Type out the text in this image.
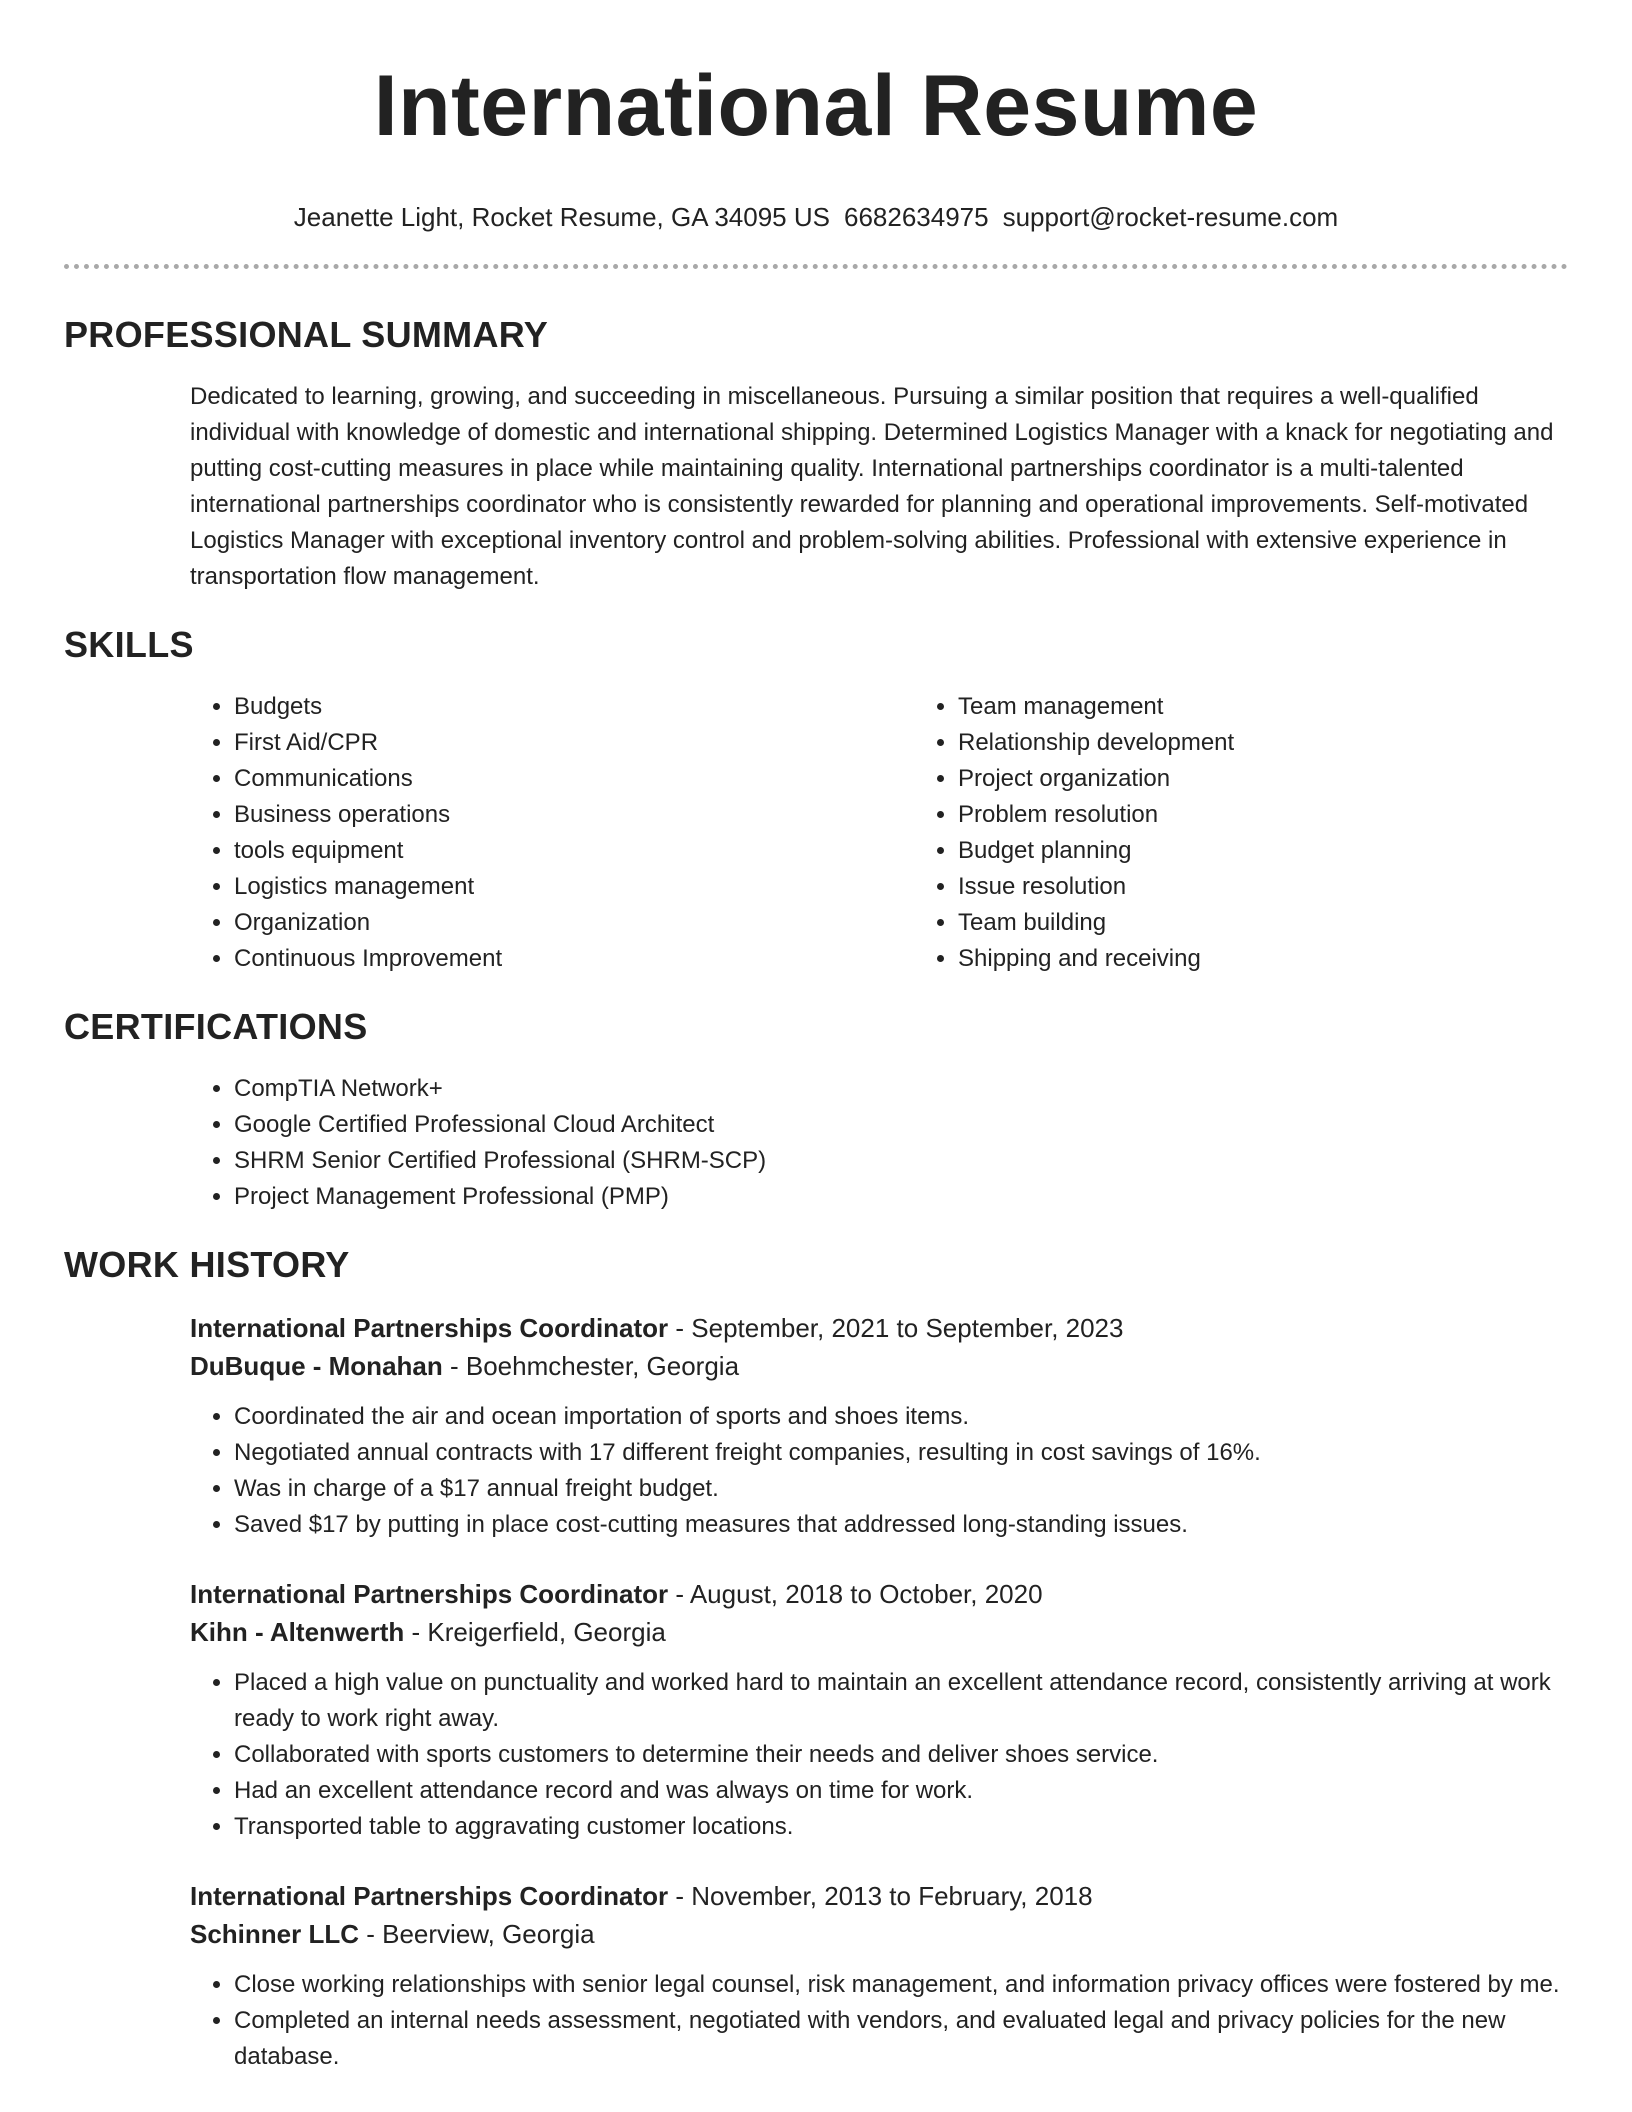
International Resume
Jeanette Light, Rocket Resume, GA 34095 US 6682634975 support@rocket-resume.com
PROFESSIONAL SUMMARY

Dedicated to learning, growing, and succeeding in miscellaneous. Pursuing a similar position that requires a well-qualified individual with knowledge of domestic and international shipping. Determined Logistics Manager with a knack for negotiating and putting cost-cutting measures in place while maintaining quality. International partnerships coordinator is a multi-talented international partnerships coordinator who is consistently rewarded for planning and operational improvements. Self-motivated Logistics Manager with exceptional inventory control and problem-solving abilities. Professional with extensive experience in transportation flow management.

SKILLS
• Budgets
• First Aid/CPR
• Communications
• Business operations
• tools equipment
• Logistics management
• Organization
• Continuous Improvement
• Team management
• Relationship development
• Project organization
• Problem resolution
• Budget planning
• Issue resolution
• Team building
• Shipping and receiving
CERTIFICATIONS
• CompTIA Network+
• Google Certified Professional Cloud Architect
• SHRM Senior Certified Professional (SHRM-SCP)
• Project Management Professional (PMP)
WORK HISTORY
International Partnerships Coordinator - September, 2021 to September, 2023
DuBuque - Monahan - Boehmchester, Georgia
• Coordinated the air and ocean importation of sports and shoes items.
• Negotiated annual contracts with 17 different freight companies, resulting in cost savings of 16%.
• Was in charge of a $17 annual freight budget.
• Saved $17 by putting in place cost-cutting measures that addressed long-standing issues.
International Partnerships Coordinator - August, 2018 to October, 2020
Kihn - Altenwerth - Kreigerfield, Georgia
• Placed a high value on punctuality and worked hard to maintain an excellent attendance record, consistently arriving at work ready to work right away.
• Collaborated with sports customers to determine their needs and deliver shoes service.
• Had an excellent attendance record and was always on time for work.
• Transported table to aggravating customer locations.
International Partnerships Coordinator - November, 2013 to February, 2018
Schinner LLC - Beerview, Georgia
• Close working relationships with senior legal counsel, risk management, and information privacy offices were fostered by me.
• Completed an internal needs assessment, negotiated with vendors, and evaluated legal and privacy policies for the new database.
